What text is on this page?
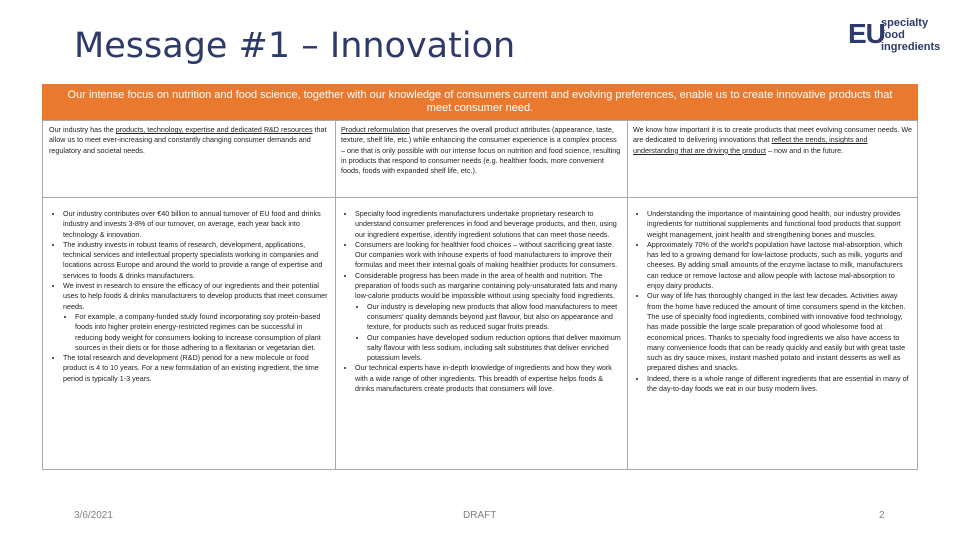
Message #1 – Innovation	EU
specialty
food
ingredients
Our intense focus on nutrition and food science, together with our knowledge of consumers current and evolving preferences, enable us to create innovative products that meet consumer need.
Our industry has the products, technology, expertise and dedicated R&D resources that allow us to meet ever-increasing and constantly changing consumer demands and regulatory and societal needs.
Product reformulation that preserves the overall product attributes (appearance, taste, texture, shelf life, etc.) while enhancing the consumer experience is a complex process – one that is only possible with our intense focus on nutrition and food science, resulting in products that respond to consumer needs (e.g. healthier foods, more convenient foods, foods with expanded shelf life, etc.).
We know how important it is to create products that meet evolving consumer needs. We are dedicated to delivering innovations that reflect the trends, insights and understanding that are driving the product – now and in the future.
• Our industry contributes over €40 billion to annual turnover of EU food and drinks industry and invests 3-8% of our turnover, on average, each year back into technology & innovation.
• The industry invests in robust teams of research, development, applications, technical services and intellectual property specialists working in companies and locations across Europe and around the world to provide a range of expertise and services to foods & drinks manufacturers.
• We invest in research to ensure the efficacy of our ingredients and their potential uses to help foods & drinks manufacturers to develop products that meet consumer needs.
• For example, a company-funded study found incorporating soy protein-based foods into higher protein energy-restricted regimes can be successful in reducing body weight for consumers looking to increase consumption of plant sources in their diets or for those adhering to a flexitarian or vegetarian diet.
• The total research and development (R&D) period for a new molecule or food product is 4 to 10 years. For a new formulation of an existing ingredient, the time period is typically 1-3 years.
• Specialty food ingredients manufacturers undertake proprietary research to understand consumer preferences in food and beverage products, and then, using our ingredient expertise, identify ingredient solutions that can meet those needs.
• Consumers are looking for healthier food choices – without sacrificing great taste. Our companies work with inhouse experts of food manufacturers to improve their formulas and meet their internal goals of making healthier products for consumers.
• Considerable progress has been made in the area of health and nutrition. The preparation of foods such as margarine containing poly-unsaturated fats and many low-calorie products would be impossible without using specialty food ingredients.
• Our industry is developing new products that allow food manufacturers to meet consumers' quality demands beyond just flavour, but also on appearance and texture, for products such as reduced sugar fruits preads.
• Our companies have developed sodium reduction options that deliver maximum salty flavour with less sodium, including salt substitutes that deliver enriched potassium levels.
• Our technical experts have in-depth knowledge of ingredients and how they work with a wide range of other ingredients. This breadth of expertise helps foods & drinks manufacturers create products that consumers will love.
• Understanding the importance of maintaining good health, our industry provides ingredients for nutritional supplements and functional food products that support weight management, joint health and strengthening bones and muscles.
• Approximately 70% of the world's population have lactose mal-absorption, which has led to a growing demand for low-lactose products, such as milk, yogurts and cheeses. By adding small amounts of the enzyme lactase to milk, manufacturers can reduce or remove lactose and allow people with lactose mal-absorption to enjoy dairy products.
• Our way of life has thoroughly changed in the last few decades. Activities away from the home have reduced the amount of time consumers spend in the kitchen. The use of specialty food ingredients, combined with innovative food technology, has made possible the large scale preparation of good wholesome food at economical prices. Thanks to specialty food ingredients we also have access to many convenience foods that can be ready quickly and easily but with great taste such as dry sauce mixes, instant mashed potato and instant desserts as well as prepared dishes and snacks.
• Indeed, there is a whole range of different ingredients that are essential in many of the day-to-day foods we eat in our busy modern lives.
3/6/2021	DRAFT	2
